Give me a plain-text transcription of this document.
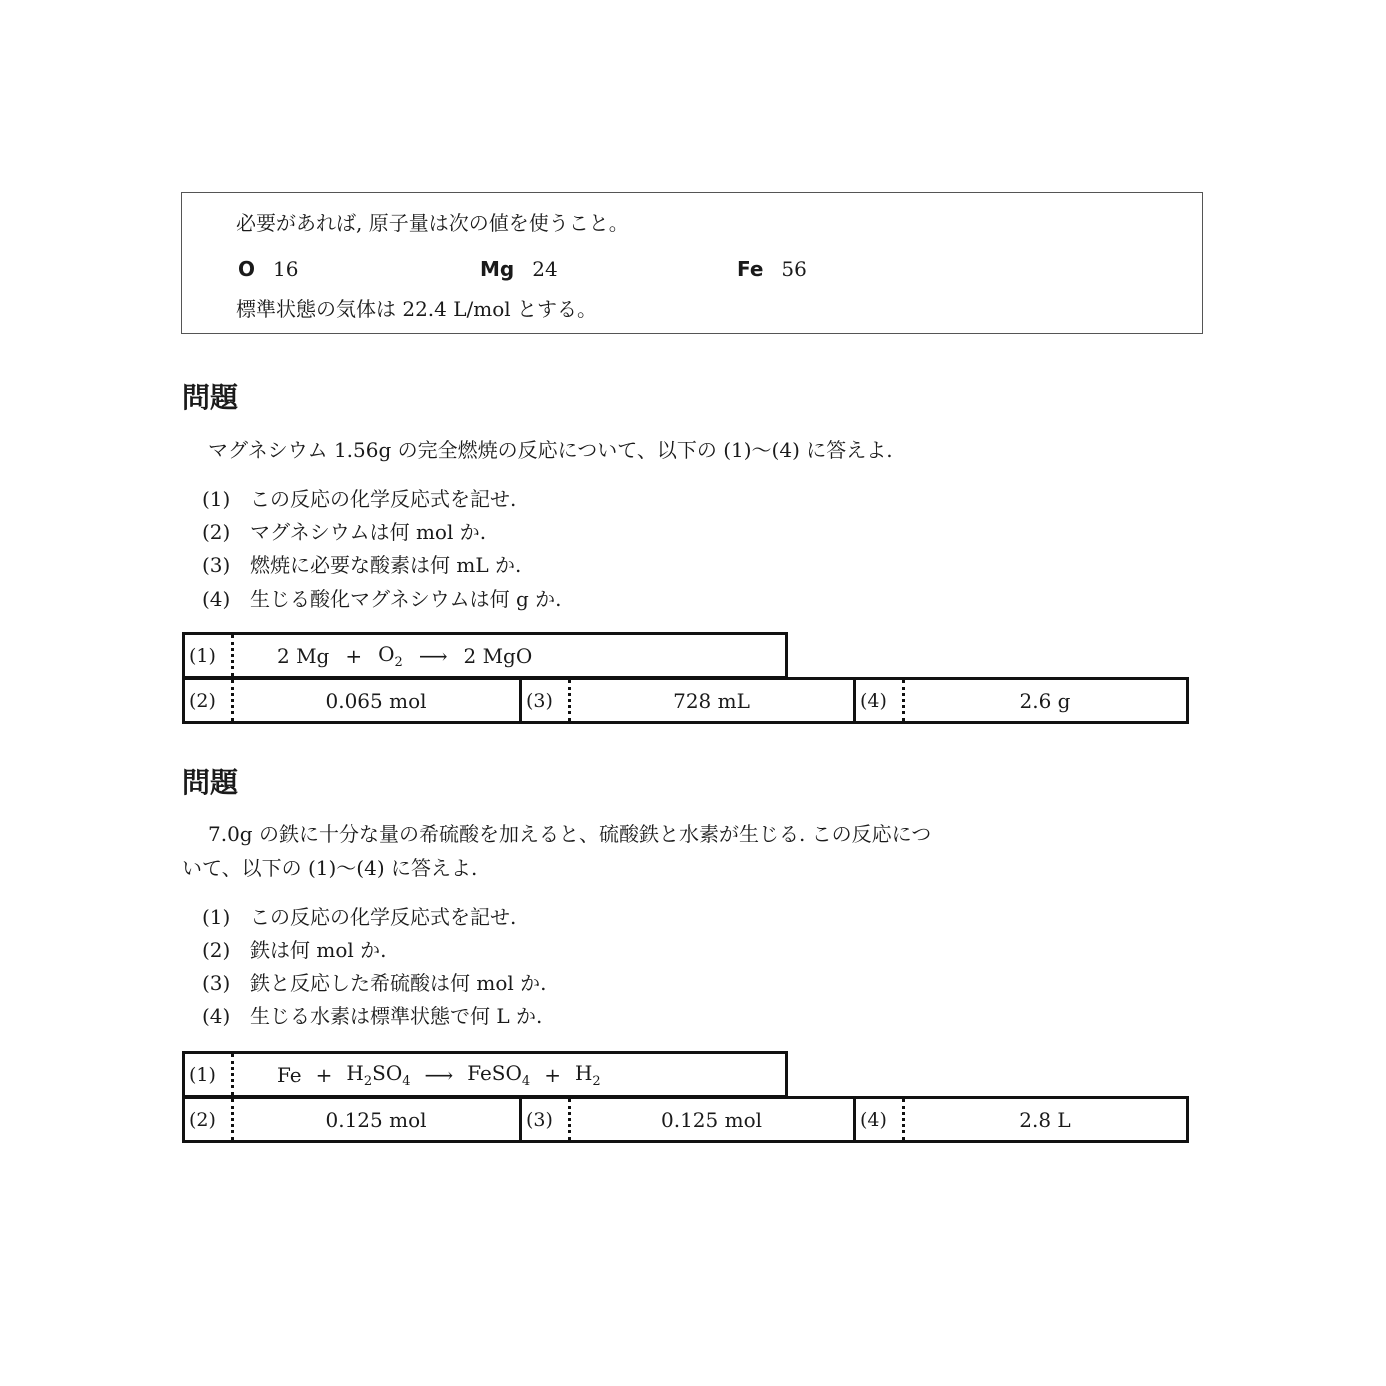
必要があれば, 原子量は次の値を使うこと。
O 16	Mg 24	Fe 56
標準状態の気体は 22.4 L/mol とする。
問題
マグネシウム 1.56g の完全燃焼の反応について、以下の (1)〜(4) に答えよ.
(1) この反応の化学反応式を記せ.
(2) マグネシウムは何 mol か.
(3) 燃焼に必要な酸素は何 mL か.
(4) 生じる酸化マグネシウムは何 g か.
(1)	2 $Mg + O_2$ ⟶ 2 MgO
(2)	0.065 mol	(3)	728 mL	(4)	2.6 g
問題
7.0g の鉄に十分な量の希硫酸を加えると、硫酸鉄と水素が生じる. この反応につ
いて、以下の (1)〜(4) に答えよ.
(1) この反応の化学反応式を記せ.
(2) 鉄は何 mol か.
(3) 鉄と反応した希硫酸は何 mol か.
(4) 生じる水素は標準状態で何 L か.
(1)	$Fe + H_2SO_4$ ⟶ FeSO$_4$ + $H_2$
(2)	0.125 mol	(3)	0.125 mol	(4)	2.8 L
